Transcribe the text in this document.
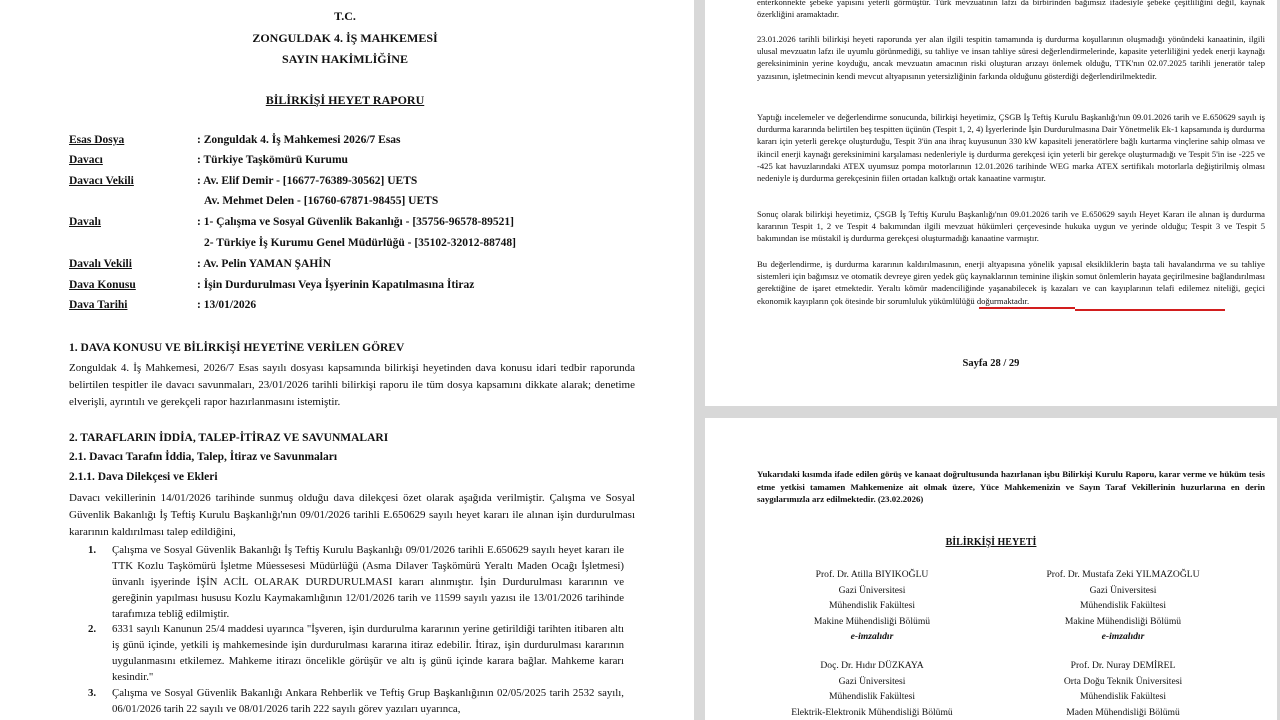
T.C.
ZONGULDAK 4. İŞ MAHKEMESİ
SAYIN HAKİMLİĞİNE
BİLİRKİŞİ HEYET RAPORU
Esas Dosya	: Zonguldak 4. İş Mahkemesi 2026/7 Esas
Davacı	: Türkiye Taşkömürü Kurumu
Davacı Vekili	: Av. Elif Demir - [16677-76389-30562] UETS
Av. Mehmet Delen - [16760-67871-98455] UETS
Davalı	: 1- Çalışma ve Sosyal Güvenlik Bakanlığı - [35756-96578-89521]
2- Türkiye İş Kurumu Genel Müdürlüğü - [35102-32012-88748]
Davalı Vekili	: Av. Pelin YAMAN ŞAHİN
Dava Konusu	: İşin Durdurulması Veya İşyerinin Kapatılmasına İtiraz
Dava Tarihi	: 13/01/2026
1. DAVA KONUSU VE BİLİRKİŞİ HEYETİNE VERİLEN GÖREV
Zonguldak 4. İş Mahkemesi, 2026/7 Esas sayılı dosyası kapsamında bilirkişi heyetinden dava konusu idari tedbir raporunda belirtilen tespitler ile davacı savunmaları, 23/01/2026 tarihli bilirkişi raporu ile tüm dosya kapsamını dikkate alarak; denetime elverişli, ayrıntılı ve gerekçeli rapor hazırlanmasını istemiştir.
2. TARAFLARIN İDDİA, TALEP-İTİRAZ VE SAVUNMALARI
2.1. Davacı Tarafın İddia, Talep, İtiraz ve Savunmaları
2.1.1. Dava Dilekçesi ve Ekleri
Davacı vekillerinin 14/01/2026 tarihinde sunmuş olduğu dava dilekçesi özet olarak aşağıda verilmiştir. Çalışma ve Sosyal Güvenlik Bakanlığı İş Teftiş Kurulu Başkanlığı'nın 09/01/2026 tarihli E.650629 sayılı heyet kararı ile alınan işin durdurulması kararının kaldırılması talep edildiğini,
1. Çalışma ve Sosyal Güvenlik Bakanlığı İş Teftiş Kurulu Başkanlığı 09/01/2026 tarihli E.650629 sayılı heyet kararı ile TTK Kozlu Taşkömürü İşletme Müessesesi Müdürlüğü (Asma Dilaver Taşkömürü Yeraltı Maden Ocağı İşletmesi) ünvanlı işyerinde İŞİN ACİL OLARAK DURDURULMASI kararı alınmıştır. İşin Durdurulması kararının ve gereğinin yapılması hususu Kozlu Kaymakamlığının 12/01/2026 tarih ve 11599 sayılı yazısı ile 13/01/2026 tarihinde tarafımıza tebliğ edilmiştir.
2. 6331 sayılı Kanunun 25/4 maddesi uyarınca "İşveren, işin durdurulma kararının yerine getirildiği tarihten itibaren altı iş günü içinde, yetkili iş mahkemesinde işin durdurulması kararına itiraz edebilir. İtiraz, işin durdurulması kararının uygulanmasını etkilemez. Mahkeme itirazı öncelikle görüşür ve altı iş günü içinde karara bağlar. Mahkeme kararı kesindir."
3. Çalışma ve Sosyal Güvenlik Bakanlığı Ankara Rehberlik ve Teftiş Grup Başkanlığının 02/05/2025 tarih 2532 sayılı, 06/01/2026 tarih 22 sayılı ve 08/01/2026 tarih 222 sayılı görev yazıları uyarınca,
enterkonnekte şebeke yapısını yeterli görmüştür. Türk mevzuatının lafzı da birbirinden bağımsız ifadesiyle şebeke çeşitliliğini değil, kaynak özerkliğini aramaktadır.
23.01.2026 tarihli bilirkişi heyeti raporunda yer alan ilgili tespitin tamamında iş durdurma koşullarının oluşmadığı yönündeki kanaatinin, ilgili ulusal mevzuatın lafzı ile uyumlu görünmediği, su tahliye ve insan tahliye süresi değerlendirmelerinde, kapasite yeterliliğini yedek enerji kaynağı gereksiniminin yerine koyduğu, ancak mevzuatın amacının riski oluşturan arızayı önlemek olduğu, TTK'nın 02.07.2025 tarihli jeneratör talep yazısının, işletmecinin kendi mevcut altyapısının yetersizliğinin farkında olduğunu gösterdiği değerlendirilmektedir.
Yaptığı incelemeler ve değerlendirme sonucunda, bilirkişi heyetimiz, ÇSGB İş Teftiş Kurulu Başkanlığı'nın 09.01.2026 tarih ve E.650629 sayılı iş durdurma kararında belirtilen beş tespitten üçünün (Tespit 1, 2, 4) İşyerlerinde İşin Durdurulmasına Dair Yönetmelik Ek-1 kapsamında iş durdurma kararı için yeterli gerekçe oluşturduğu, Tespit 3'ün ana ihraç kuyusunun 330 kW kapasiteli jeneratörlere bağlı kurtarma vinçlerine sahip olması ve ikincil enerji kaynağı gereksinimini karşılaması nedenleriyle iş durdurma gerekçesi için yeterli bir gerekçe oluşturmadığı ve Tespit 5'in ise -225 ve -425 kat havuzlarındaki ATEX uyumsuz pompa motorlarının 12.01.2026 tarihinde WEG marka ATEX sertifikalı motorlarla değiştirilmiş olması nedeniyle iş durdurma gerekçesinin fiilen ortadan kalktığı ortak kanaatine varmıştır.
Sonuç olarak bilirkişi heyetimiz, ÇSGB İş Teftiş Kurulu Başkanlığı'nın 09.01.2026 tarih ve E.650629 sayılı Heyet Kararı ile alınan iş durdurma kararının Tespit 1, 2 ve Tespit 4 bakımından ilgili mevzuat hükümleri çerçevesinde hukuka uygun ve yerinde olduğu; Tespit 3 ve Tespit 5 bakımından ise müstakil iş durdurma gerekçesi oluşturmadığı kanaatine varmıştır.
Bu değerlendirme, iş durdurma kararının kaldırılmasının, enerji altyapısına yönelik yapısal eksikliklerin başta tali havalandırma ve su tahliye sistemleri için bağımsız ve otomatik devreye giren yedek güç kaynaklarının teminine ilişkin somut önlemlerin hayata geçirilmesine bağlandırılması gerektiğine de işaret etmektedir. Yeraltı kömür madenciliğinde yaşanabilecek iş kazaları ve can kayıplarının telafi edilemez niteliği, geçici ekonomik kayıpların çok ötesinde bir sorumluluk yükümlülüğü doğurmaktadır.
Sayfa 28 / 29
Yukarıdaki kısımda ifade edilen görüş ve kanaat doğrultusunda hazırlanan işbu Bilirkişi Kurulu Raporu, karar verme ve hüküm tesis etme yetkisi tamamen Mahkemenize ait olmak üzere, Yüce Mahkemenizin ve Sayın Taraf Vekillerinin huzurlarına en derin saygılarımızla arz edilmektedir. (23.02.2026)
BİLİRKİŞİ HEYETİ
Prof. Dr. Atilla BIYIKOĞLU
Gazi Üniversitesi
Mühendislik Fakültesi
Makine Mühendisliği Bölümü
e-imzalıdır
Prof. Dr. Mustafa Zeki YILMAZOĞLU
Gazi Üniversitesi
Mühendislik Fakültesi
Makine Mühendisliği Bölümü
e-imzalıdır
Doç. Dr. Hıdır DÜZKAYA
Gazi Üniversitesi
Mühendislik Fakültesi
Elektrik-Elektronik Mühendisliği Bölümü
Prof. Dr. Nuray DEMİREL
Orta Doğu Teknik Üniversitesi
Mühendislik Fakültesi
Maden Mühendisliği Bölümü
